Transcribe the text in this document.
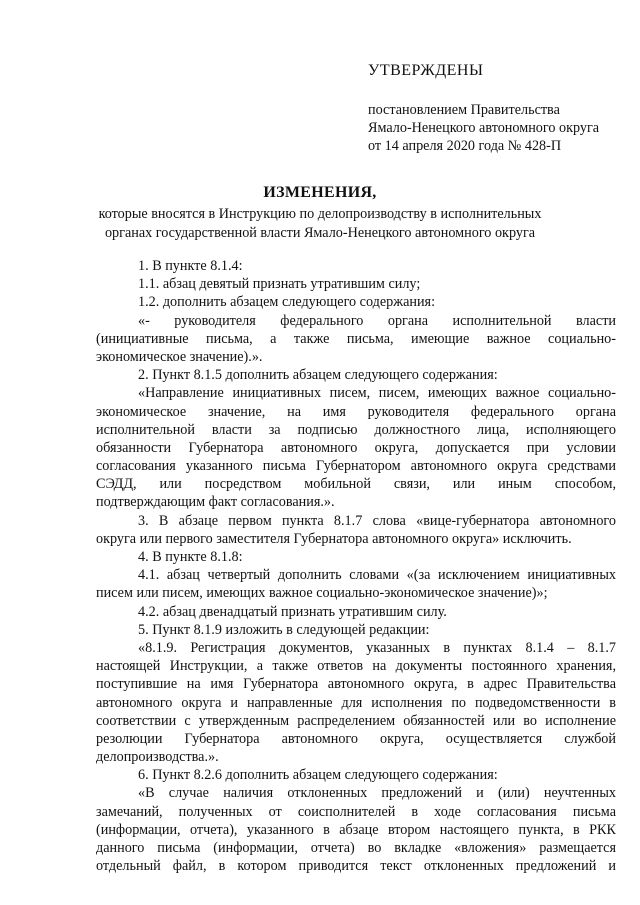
УТВЕРЖДЕНЫ
постановлением Правительства
Ямало-Ненецкого автономного округа
от 14 апреля 2020 года № 428-П
ИЗМЕНЕНИЯ,
которые вносятся в Инструкцию по делопроизводству в исполнительных
органах государственной власти Ямало-Ненецкого автономного округа
1. В пункте 8.1.4:
1.1. абзац девятый признать утратившим силу;
1.2. дополнить абзацем следующего содержания:
«- руководителя федерального органа исполнительной власти
(инициативные письма, а также письма, имеющие важное социально-
экономическое значение).».
2. Пункт 8.1.5 дополнить абзацем следующего содержания:
«Направление инициативных писем, писем, имеющих важное социально-
экономическое значение, на имя руководителя федерального органа
исполнительной власти за подписью должностного лица, исполняющего
обязанности Губернатора автономного округа, допускается при условии
согласования указанного письма Губернатором автономного округа средствами
СЭДД, или посредством мобильной связи, или иным способом,
подтверждающим факт согласования.».
3. В абзаце первом пункта 8.1.7 слова «вице-губернатора автономного
округа или первого заместителя Губернатора автономного округа» исключить.
4. В пункте 8.1.8:
4.1. абзац четвертый дополнить словами «(за исключением инициативных
писем или писем, имеющих важное социально-экономическое значение)»;
4.2. абзац двенадцатый признать утратившим силу.
5. Пункт 8.1.9 изложить в следующей редакции:
«8.1.9. Регистрация документов, указанных в пунктах 8.1.4 – 8.1.7
настоящей Инструкции, а также ответов на документы постоянного хранения,
поступившие на имя Губернатора автономного округа, в адрес Правительства
автономного округа и направленные для исполнения по подведомственности в
соответствии с утвержденным распределением обязанностей или во исполнение
резолюции Губернатора автономного округа, осуществляется службой
делопроизводства.».
6. Пункт 8.2.6 дополнить абзацем следующего содержания:
«В случае наличия отклоненных предложений и (или) неучтенных
замечаний, полученных от соисполнителей в ходе согласования письма
(информации, отчета), указанного в абзаце втором настоящего пункта, в РКК
данного письма (информации, отчета) во вкладке «вложения» размещается
отдельный файл, в котором приводится текст отклоненных предложений и
